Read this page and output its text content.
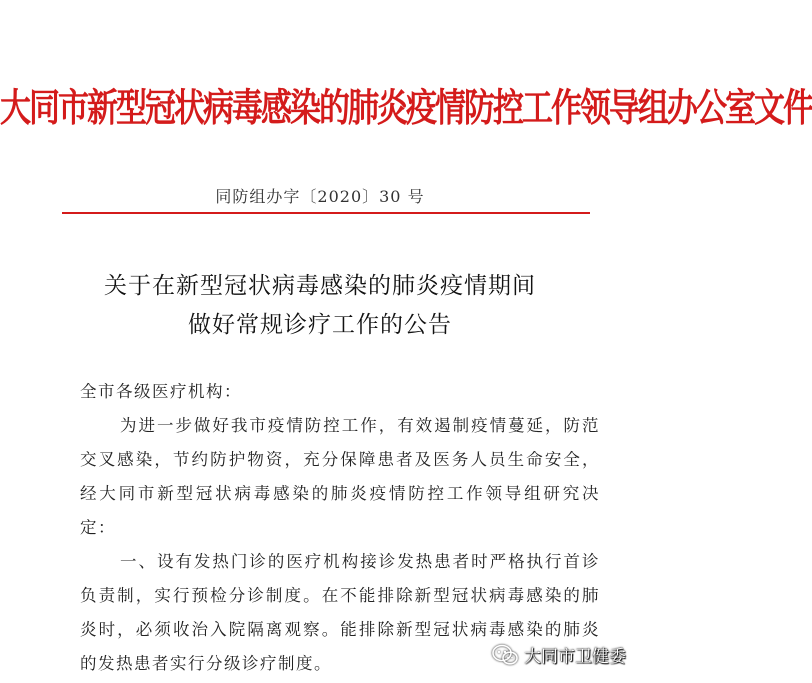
大同市新型冠状病毒感染的肺炎疫情防控工作领导组办公室文件
同防组办字〔2020〕30 号
关于在新型冠状病毒感染的肺炎疫情期间
做好常规诊疗工作的公告

全市各级医疗机构：

为进一步做好我市疫情防控工作，有效遏制疫情蔓延，防范交叉感染，节约防护物资，充分保障患者及医务人员生命安全，经大同市新型冠状病毒感染的肺炎疫情防控工作领导组研究决定：

一、设有发热门诊的医疗机构接诊发热患者时严格执行首诊负责制，实行预检分诊制度。在不能排除新型冠状病毒感染的肺炎时，必须收治入院隔离观察。能排除新型冠状病毒感染的肺炎的发热患者实行分级诊疗制度。	大同市卫健委
